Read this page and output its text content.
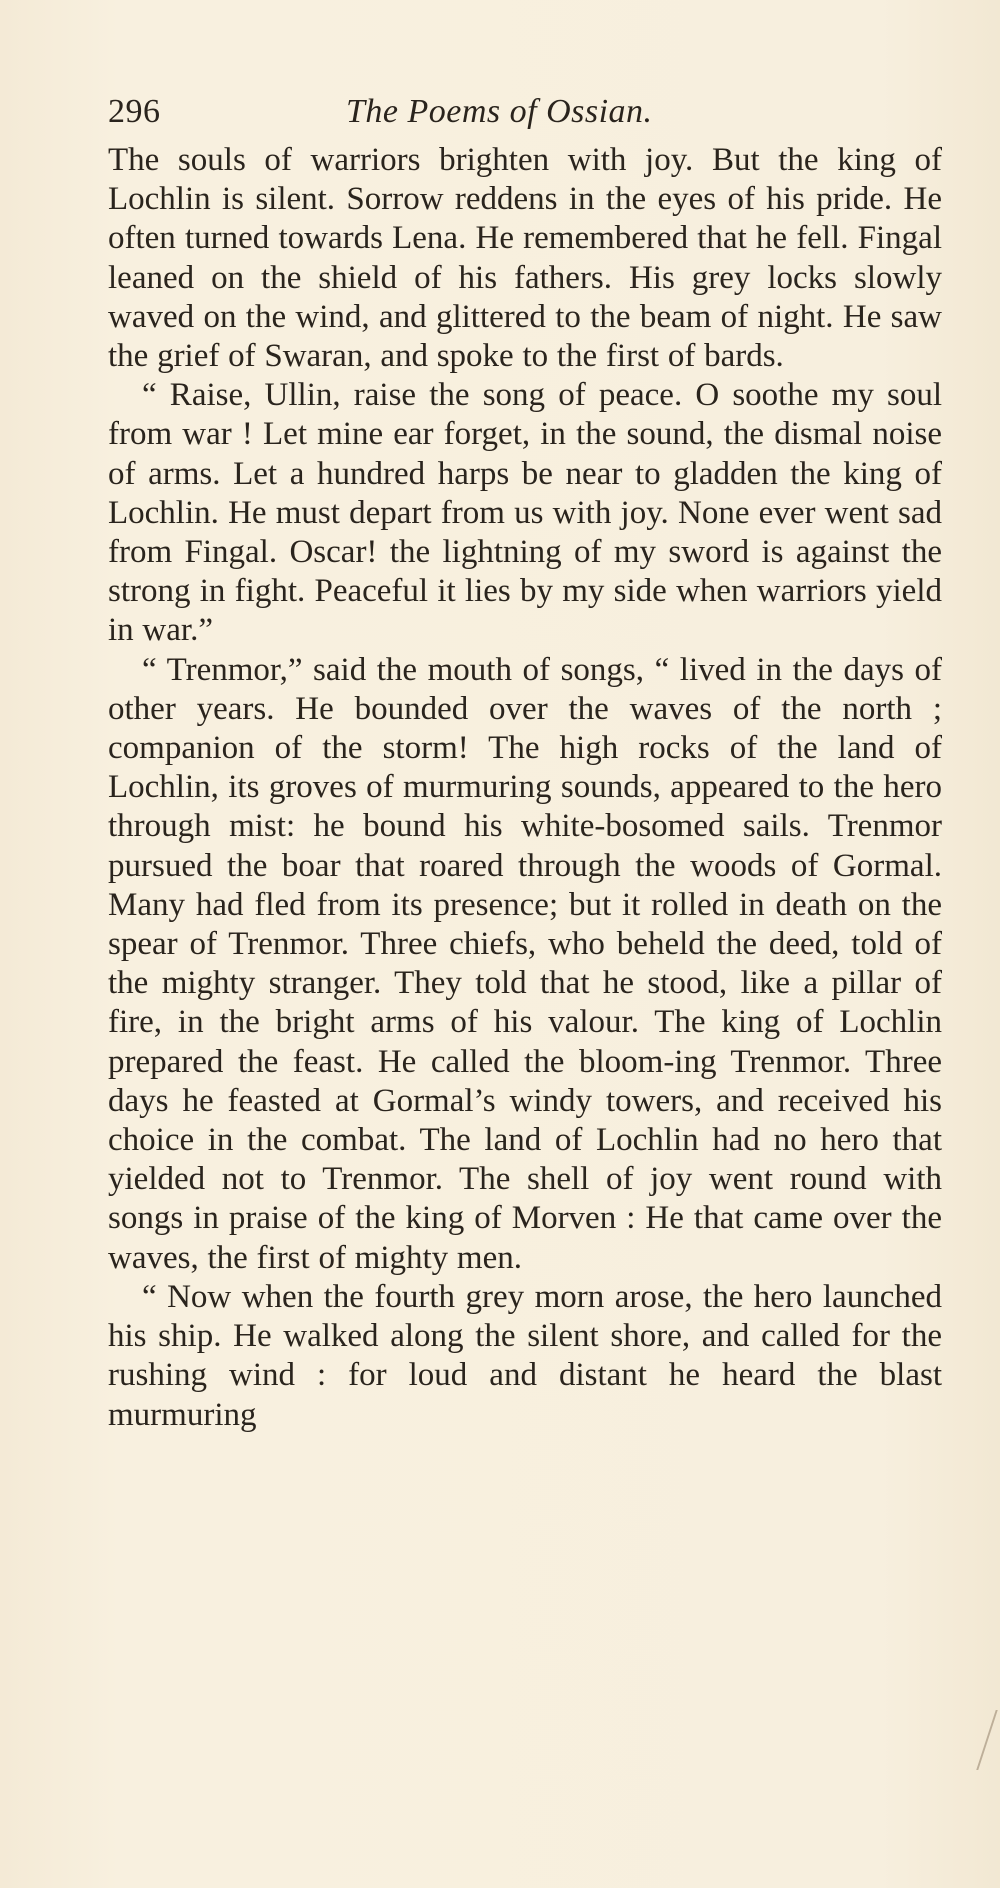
296	The Poems of Ossian.

The souls of warriors brighten with joy. But the king of Lochlin is silent. Sorrow reddens in the eyes of his pride. He often turned towards Lena. He remembered that he fell. Fingal leaned on the shield of his fathers. His grey locks slowly waved on the wind, and glittered to the beam of night. He saw the grief of Swaran, and spoke to the first of bards.

“ Raise, Ullin, raise the song of peace. O soothe my soul from war ! Let mine ear forget, in the sound, the dismal noise of arms. Let a hundred harps be near to gladden the king of Lochlin. He must depart from us with joy. None ever went sad from Fingal. Oscar! the lightning of my sword is against the strong in fight. Peaceful it lies by my side when warriors yield in war.”

“ Trenmor,” said the mouth of songs, “ lived in the days of other years. He bounded over the waves of the north ; companion of the storm! The high rocks of the land of Lochlin, its groves of murmuring sounds, appeared to the hero through mist: he bound his white-bosomed sails. Trenmor pursued the boar that roared through the woods of Gormal. Many had fled from its presence; but it rolled in death on the spear of Trenmor. Three chiefs, who beheld the deed, told of the mighty stranger. They told that he stood, like a pillar of fire, in the bright arms of his valour. The king of Lochlin prepared the feast. He called the bloom-ing Trenmor. Three days he feasted at Gormal’s windy towers, and received his choice in the combat. The land of Lochlin had no hero that yielded not to Trenmor. The shell of joy went round with songs in praise of the king of Morven : He that came over the waves, the first of mighty men.

“ Now when the fourth grey morn arose, the hero launched his ship. He walked along the silent shore, and called for the rushing wind : for loud and distant he heard the blast murmuring
